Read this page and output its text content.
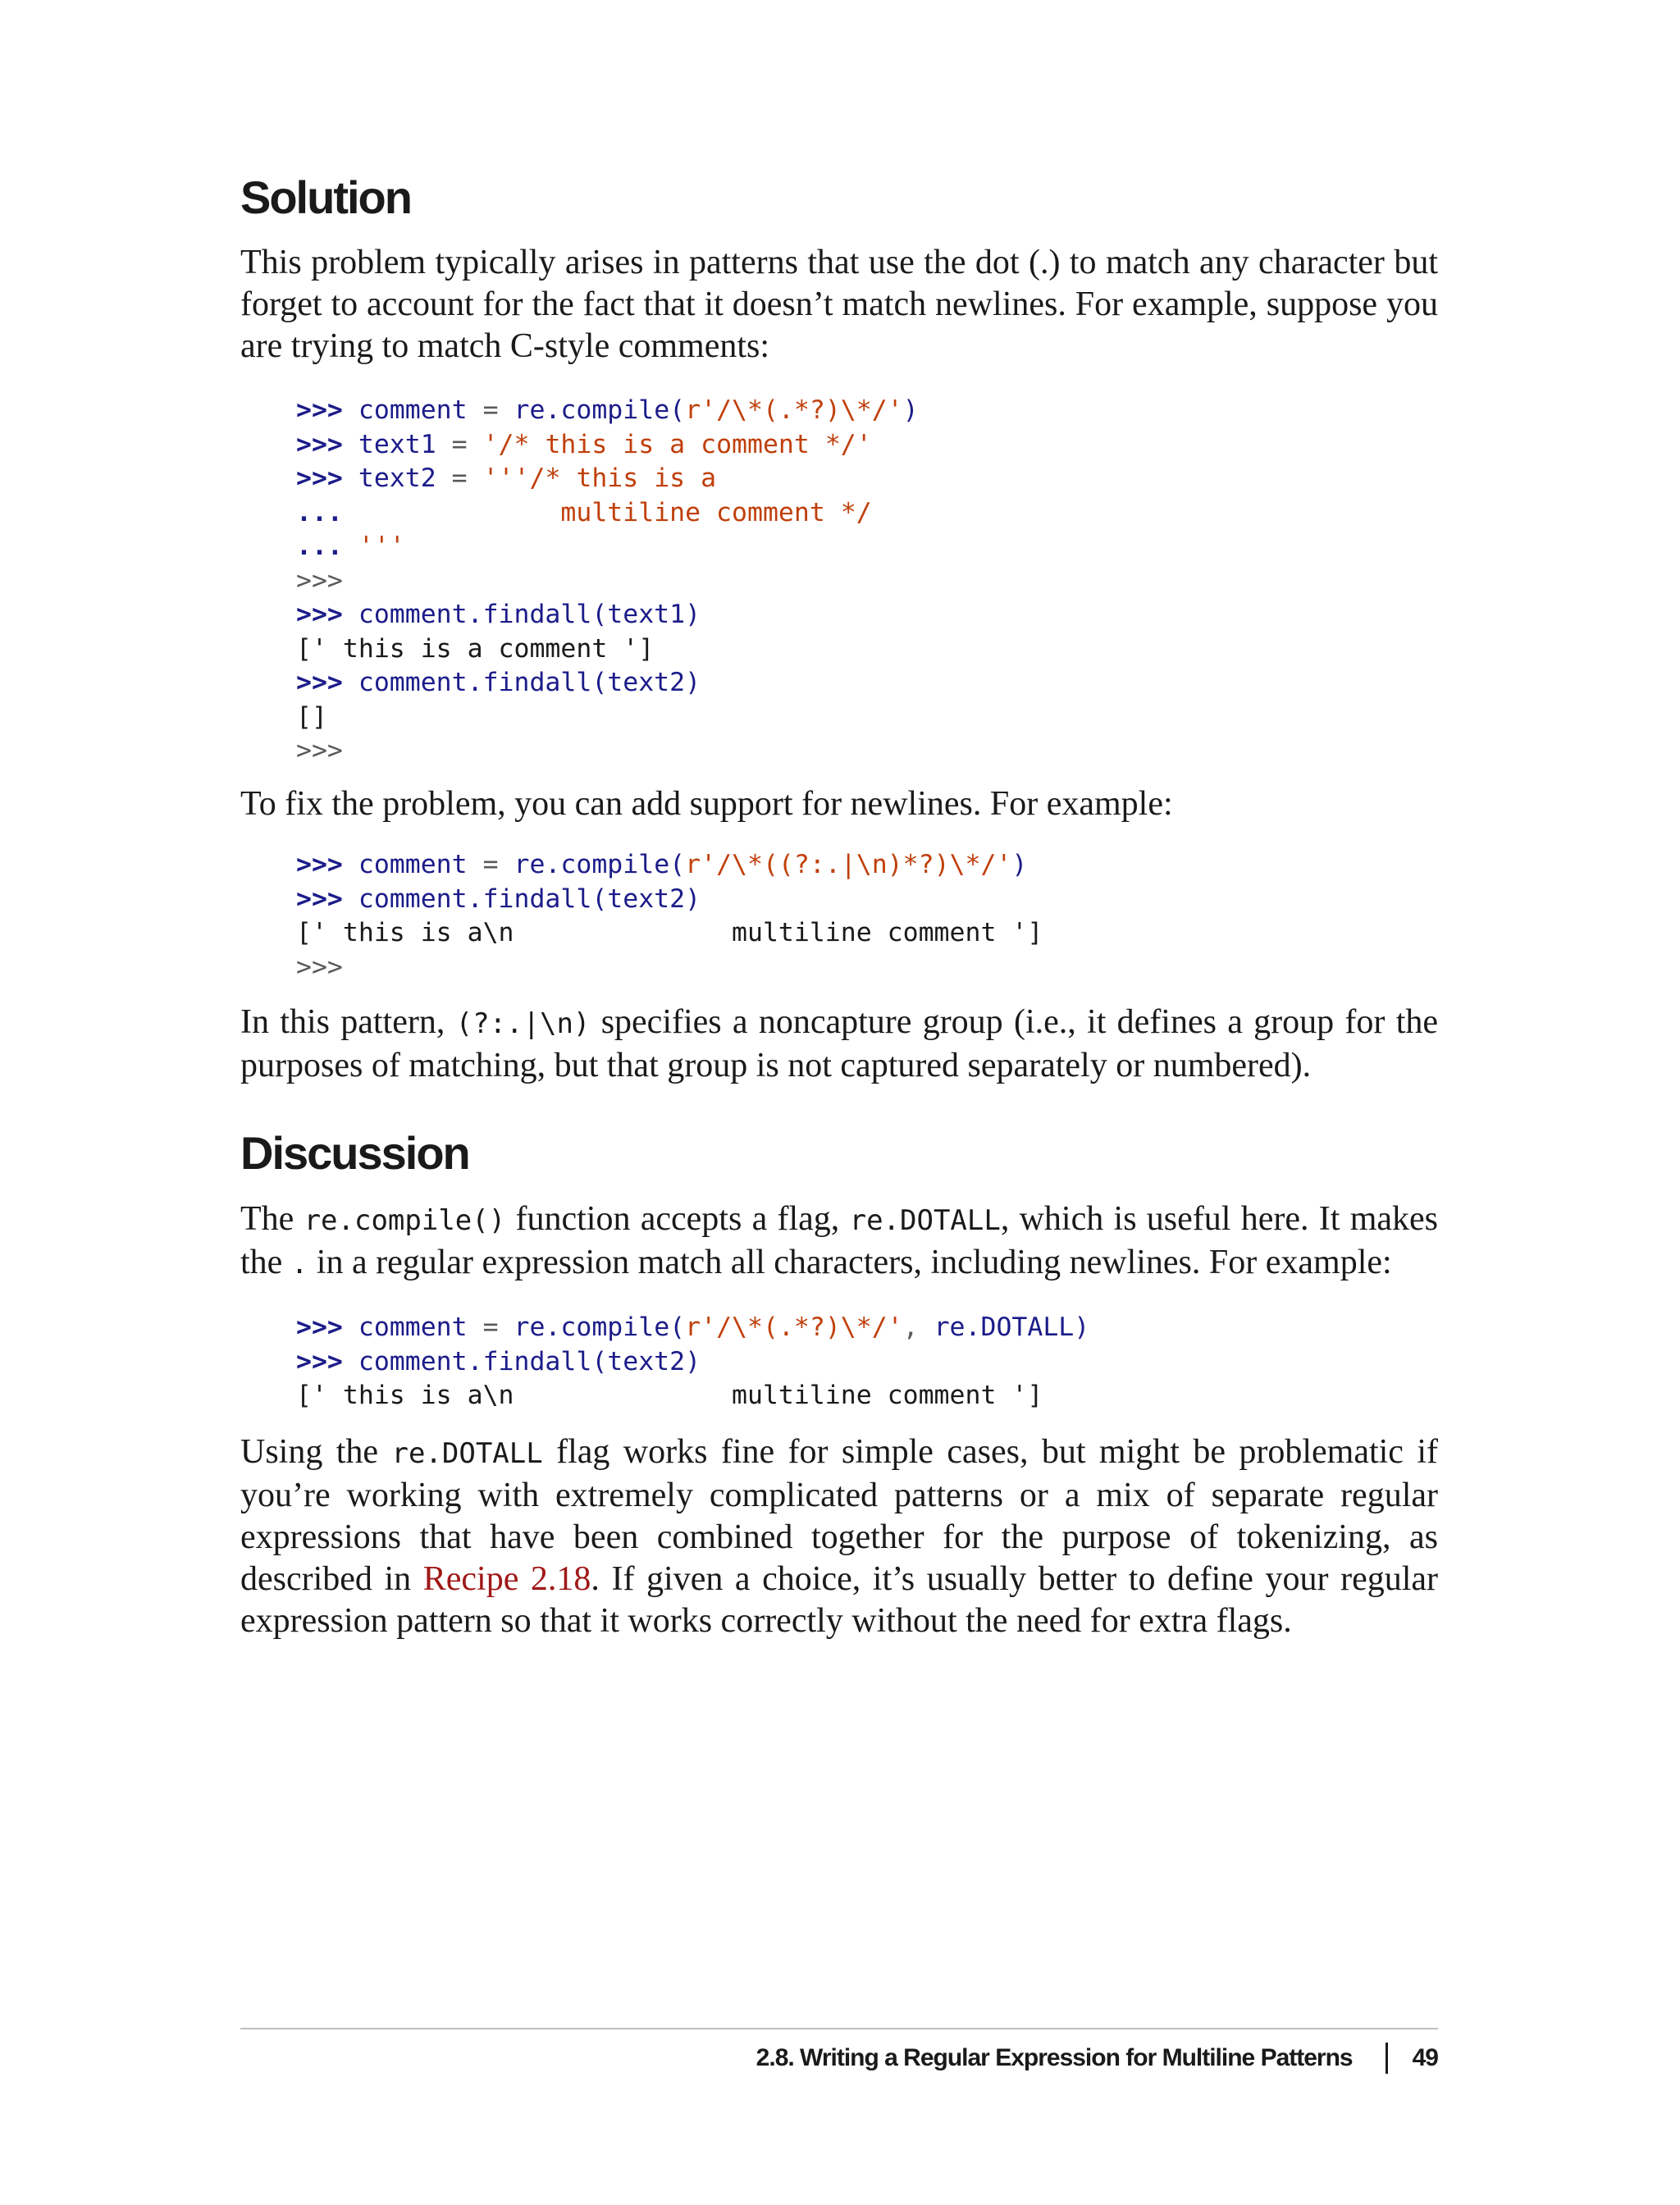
Solution

This problem typically arises in patterns that use the dot (.) to match any character but forget to account for the fact that it doesn’t match newlines. For example, suppose you are trying to match C-style comments:

>>> comment = re.compile(r'/\*(.*?)\*/')
>>> text1 = '/* this is a comment */'
>>> text2 = '''/* this is a
...              multiline comment */
... '''
>>>
>>> comment.findall(text1)
[' this is a comment ']
>>> comment.findall(text2)
[]
>>>

To fix the problem, you can add support for newlines. For example:

>>> comment = re.compile(r'/\*((?:.|\n)*?)\*/')
>>> comment.findall(text2)
[' this is a\n              multiline comment ']
>>>

In this pattern, (?:.|\n) specifies a noncapture group (i.e., it defines a group for the purposes of matching, but that group is not captured separately or numbered).

Discussion

The re.compile() function accepts a flag, re.DOTALL, which is useful here. It makes the . in a regular expression match all characters, including newlines. For example:

>>> comment = re.compile(r'/\*(.*?)\*/', re.DOTALL)
>>> comment.findall(text2)
[' this is a\n              multiline comment ']

Using the re.DOTALL flag works fine for simple cases, but might be problematic if you’re working with extremely complicated patterns or a mix of separate regular expressions that have been combined together for the purpose of tokenizing, as described in Recipe 2.18. If given a choice, it’s usually better to define your regular expression pattern so that it works correctly without the need for extra flags.

2.8. Writing a Regular Expression for Multiline Patterns 49
